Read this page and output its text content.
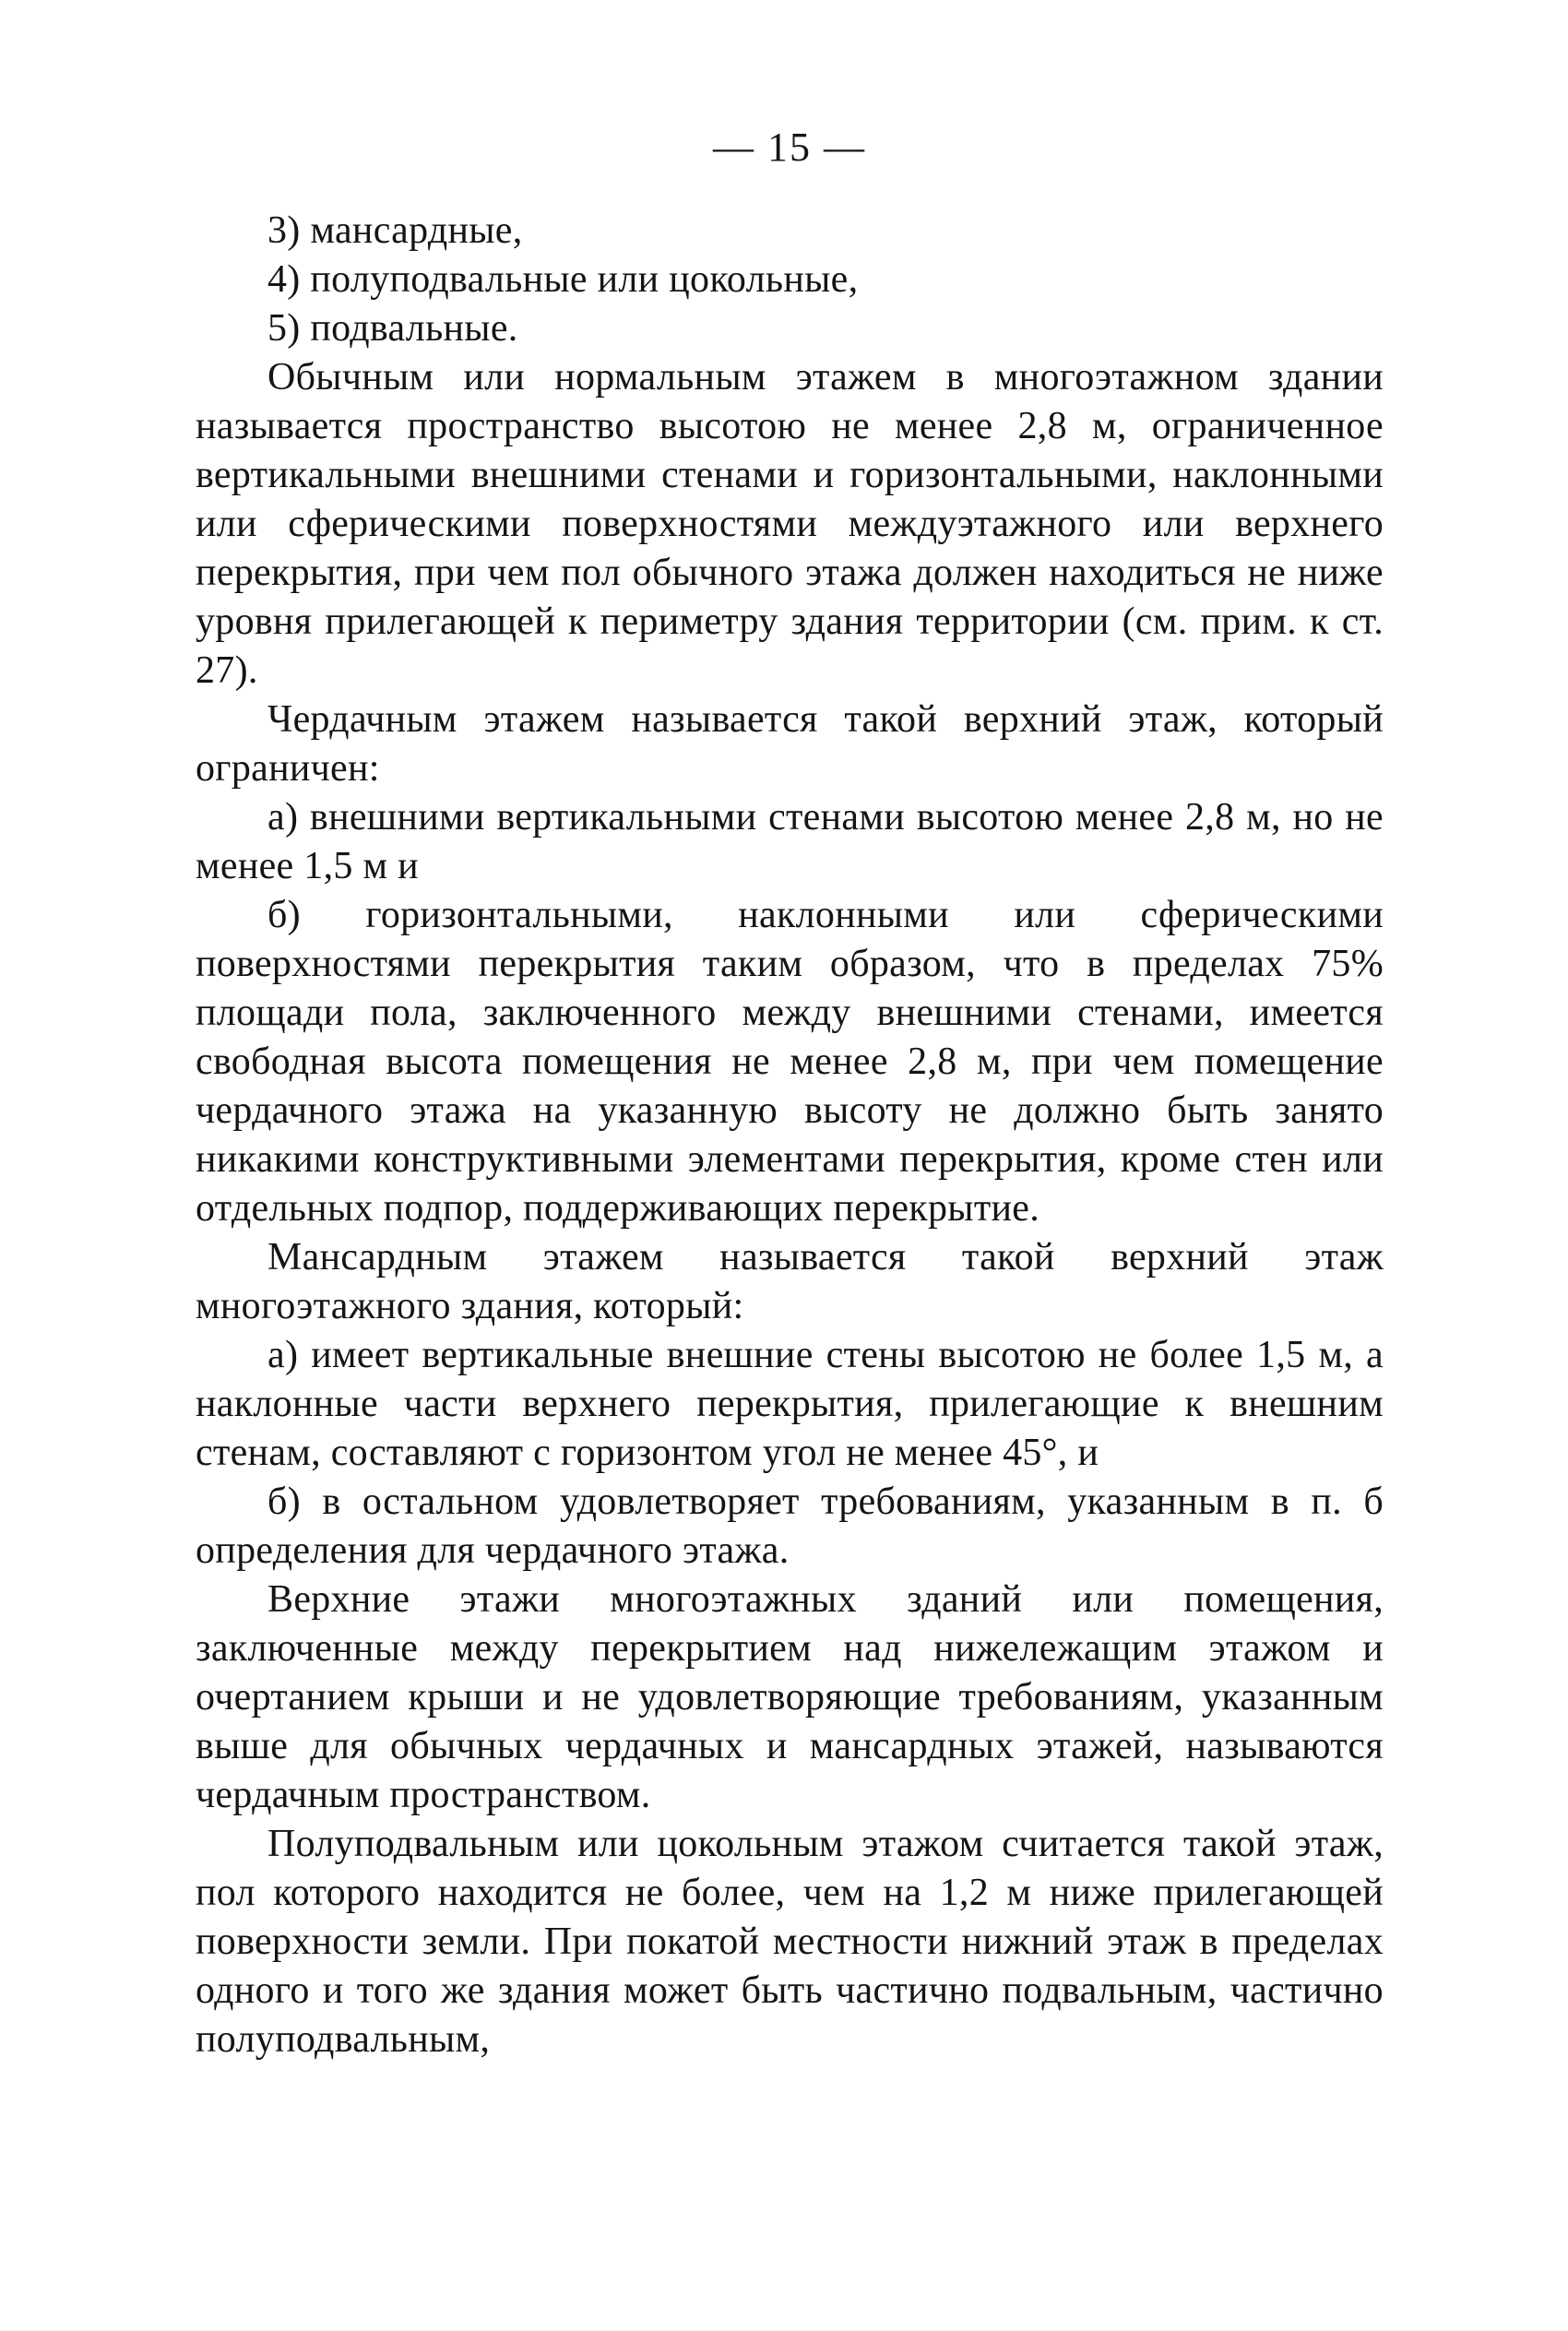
— 15 —

3) мансардные,

4) полуподвальные или цокольные,

5) подвальные.

Обычным или нормальным этажем в многоэтажном здании называется пространство высотою не менее 2,8 м, ограниченное вертикальными внешними стенами и горизонтальными, наклонными или сферическими поверхностями междуэтажного или верхнего перекрытия, при чем пол обычного этажа должен находиться не ниже уровня прилегающей к периметру здания территории (см. прим. к ст. 27).

Чердачным этажем называется такой верхний этаж, который ограничен:

а) внешними вертикальными стенами высотою менее 2,8 м, но не менее 1,5 м и

б) горизонтальными, наклонными или сферическими поверхностями перекрытия таким образом, что в пределах 75% площади пола, заключенного между внешними стенами, имеется свободная высота помещения не менее 2,8 м, при чем помещение чердачного этажа на указанную высоту не должно быть занято никакими конструктивными элементами перекрытия, кроме стен или отдельных подпор, поддерживающих перекрытие.

Мансардным этажем называется такой верхний этаж многоэтажного здания, который:

а) имеет вертикальные внешние стены высотою не более 1,5 м, а наклонные части верхнего перекрытия, прилегающие к внешним стенам, составляют с горизонтом угол не менее 45°, и

б) в остальном удовлетворяет требованиям, указанным в п. б определения для чердачного этажа.

Верхние этажи многоэтажных зданий или помещения, заключенные между перекрытием над нижележащим этажом и очертанием крыши и не удовлетворяющие требованиям, указанным выше для обычных чердачных и мансардных этажей, называются чердачным пространством.

Полуподвальным или цокольным этажом считается такой этаж, пол которого находится не более, чем на 1,2 м ниже прилегающей поверхности земли. При покатой местности нижний этаж в пределах одного и того же здания может быть частично подвальным, частично полуподвальным,
